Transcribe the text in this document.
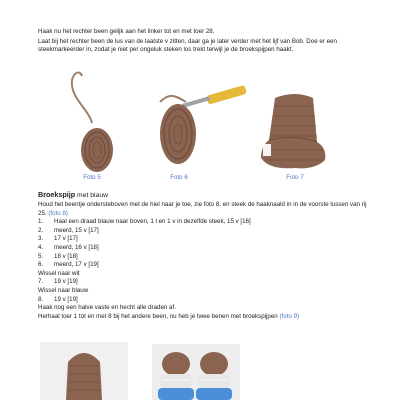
Haak nu het rechter been gelijk aan het linker tot en met toer 28.

Laat bij het rechter been de lus van de laatste v zitten, daar ga je later verder met het lijf van Bob. Doe er een steekmarkeerder in, zodat je niet per ongeluk steken los trekt terwijl je de broekspijpen haakt.

Foto 5	Foto 6	Foto 7
Broekspijp met blauw

Houd het beentje ondersteboven met de hiel naar je toe, zie foto 8, en steek de haaknaald in in de voorste lussen van rij 25. (foto 8)

1.	Haal een draad blauw naar boven, 1 l en 1 v in dezelfde steek, 15 v [16]
2.	meerd, 15 v [17]
3.	17 v [17]
4.	meerd, 16 v [18]
5.	18 v [18]
6.	meerd, 17 v [19]

Wissel naar wit

7.	19 v [19]

Wissel naar blauw

8.	19 v [19]

Haak nog een halve vaste en hecht alle draden af.

Herhaal toer 1 tot en met 8 bij het andere been, nu heb je twee benen met broekspijpen (foto 9)
